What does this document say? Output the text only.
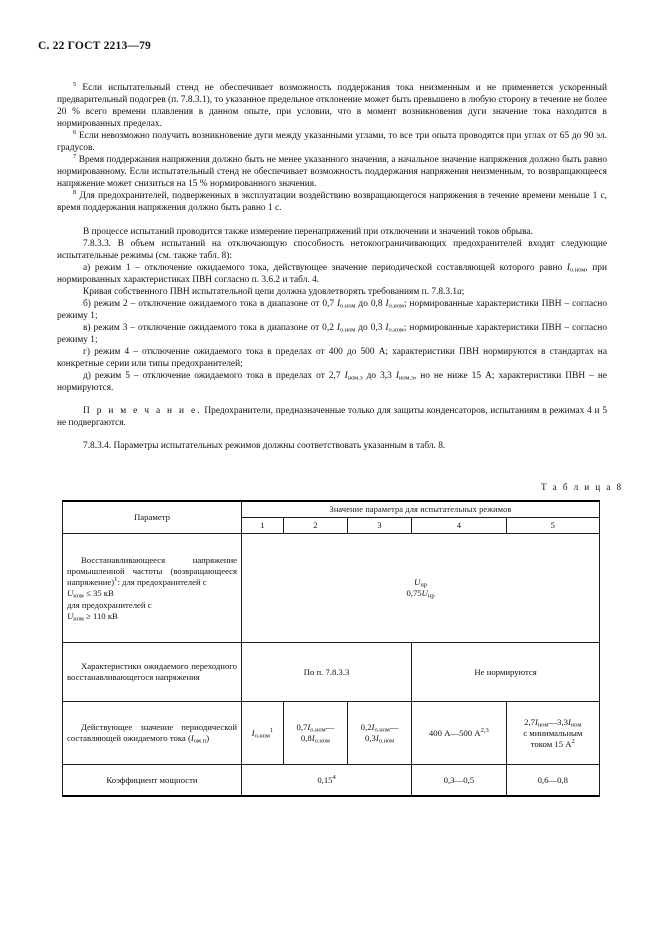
С. 22 ГОСТ 2213—79

$^5$ Если испытательный стенд не обеспечивает возможность поддержания тока неизменным и не применяется ускоренный предварительный подогрев (п. 7.8.3.1), то указанное предельное отклонение может быть превышено в любую сторону в течение не более 20 % всего времени плавления в данном опыте, при условии, что в момент возникновения дуги значение тока находится в нормированных пределах.

$^6$ Если невозможно получить возникновение дуги между указанными углами, то все три опыта проводятся при углах от 65 до 90 эл. градусов.

$^7$ Время поддержания напряжения должно быть не менее указанного значения, а начальное значение напряжения должно быть равно нормированному. Если испытательный стенд не обеспечивает возможность поддержания напряжения неизменным, то возвращающееся напряжение может снизиться на 15 % нормированного значения.

$^8$ Для предохранителей, подверженных в эксплуатации воздействию возвращающегося напряжения в течение времени меньше 1 с, время поддержания напряжения должно быть равно 1 с.

В процессе испытаний проводится также измерение перенапряжений при отключении и значений токов обрыва.

7.8.3.3. В объем испытаний на отключающую способность нетокоограничивающих предохранителей входят следующие испытательные режимы (см. также табл. 8):

а) режим 1 – отключение ожидаемого тока, действующее значение периодической составляющей которого равно $I_{о.ном}$, при нормированных характеристиках ПВН согласно п. 3.6.2 и табл. 4.

Кривая собственного ПВН испытательной цепи должна удовлетворять требованиям п. 7.8.3.1а;

б) режим 2 – отключение ожидаемого тока в диапазоне от 0,7 $I_{о.ном}$ до 0,8 $I_{о.ном}$; нормированные характеристики ПВН – согласно режиму 1;

в) режим 3 – отключение ожидаемого тока в диапазоне от 0,2 $I_{о.ном}$ до 0,3 $I_{о.ном}$; нормированные характеристики ПВН – согласно режиму 1;

г) режим 4 – отключение ожидаемого тока в пределах от 400 до 500 А; характеристики ПВН нормируются в стандартах на конкретные серии или типы предохранителей;

д) режим 5 – отключение ожидаемого тока в пределах от 2,7 $I_{ном.э}$ до 3,3 $I_{ном.э}$, но не ниже 15 А; характеристики ПВН – не нормируются.

П р и м е ч а н и е. Предохранители, предназначенные только для защиты конденсаторов, испытаниям в режимах 4 и 5 не подвергаются.

7.8.3.4. Параметры испытательных режимов должны соответствовать указанным в табл. 8.

Т а б л и ц а 8
Параметр	Значение параметра для испытательных режимов				
	1	2	3	4	5

Восстанавливающееся напряжение промышленной частоты (возвращающееся напряжение)$^1$: для предохранителей с

$U_{ном} \le 35$ кВ

для предохранителей с

$U_{ном} \ge 110$ кВ

	$U_{нр}$
$0,75U_{нр}$

Характеристики ожидаемого переходного восстанавливающегося напряжения	По п. 7.8.3.3			Не нормируются	

Действующее значение периодической составляющей ожидаемого тока $(I_{ож.п})$	$I_{о.ном}^1$	$0,7I_{о.ном}—$
$0,8I_{о.ном}$	$0,2I_{о.ном}—$
$0,3I_{о.ном}$	400 А—500 А$^{2,3}$	$2,7I_{ном}—3,3I_{ном}$
с минимальным
током 15 $А^2$

Коэффициент мощности	0,15$^4$			0,3—0,5	0,6—0,8
